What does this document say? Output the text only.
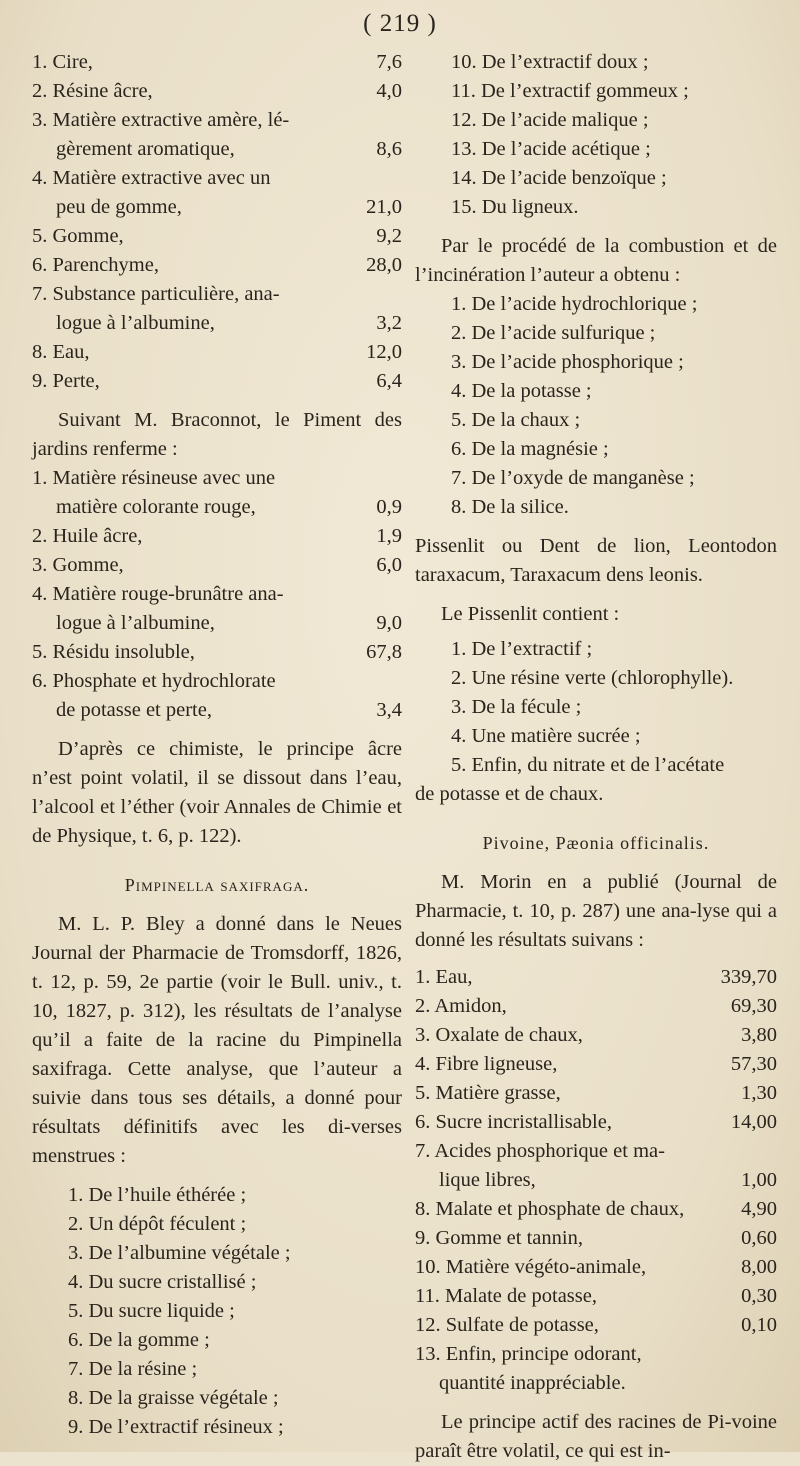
( 219 )
1. Cire,	7,6
2. Résine âcre,	4,0
3. Matière extractive amère, lé-
gèrement aromatique,	8,6
4. Matière extractive avec un
peu de gomme,	21,0
5. Gomme,	9,2
6. Parenchyme,	28,0
7. Substance particulière, ana-
logue à l’albumine,	3,2
8. Eau,	12,0
9. Perte,	6,4

Suivant M. Braconnot, le Piment des jardins renferme :

1. Matière résineuse avec une
matière colorante rouge,	0,9
2. Huile âcre,	1,9
3. Gomme,	6,0
4. Matière rouge-brunâtre ana-
logue à l’albumine,	9,0
5. Résidu insoluble,	67,8
6. Phosphate et hydrochlorate
de potasse et perte,	3,4

D’après ce chimiste, le principe âcre n’est point volatil, il se dissout dans l’eau, l’alcool et l’éther (voir Annales de Chimie et de Physique, t. 6, p. 122).

Pimpinella saxifraga.

M. L. P. Bley a donné dans le Neues Journal der Pharmacie de Tromsdorff, 1826, t. 12, p. 59, 2e partie (voir le Bull. univ., t. 10, 1827, p. 312), les résultats de l’analyse qu’il a faite de la racine du Pimpinella saxifraga. Cette analyse, que l’auteur a suivie dans tous ses détails, a donné pour résultats définitifs avec les di-verses menstrues :

1. De l’huile éthérée ;
2. Un dépôt féculent ;
3. De l’albumine végétale ;
4. Du sucre cristallisé ;
5. Du sucre liquide ;
6. De la gomme ;
7. De la résine ;
8. De la graisse végétale ;
9. De l’extractif résineux ;
10. De l’extractif doux ;
11. De l’extractif gommeux ;
12. De l’acide malique ;
13. De l’acide acétique ;
14. De l’acide benzoïque ;
15. Du ligneux.

Par le procédé de la combustion et de l’incinération l’auteur a obtenu :

1. De l’acide hydrochlorique ;
2. De l’acide sulfurique ;
3. De l’acide phosphorique ;
4. De la potasse ;
5. De la chaux ;
6. De la magnésie ;
7. De l’oxyde de manganèse ;
8. De la silice.

Pissenlit ou Dent de lion, Leontodon taraxacum, Taraxacum dens leonis.

Le Pissenlit contient :

1. De l’extractif ;
2. Une résine verte (chlorophylle).
3. De la fécule ;
4. Une matière sucrée ;
5. Enfin, du nitrate et de l’acétate

de potasse et de chaux.

Pivoine, Pæonia officinalis.

M. Morin en a publié (Journal de Pharmacie, t. 10, p. 287) une ana-lyse qui a donné les résultats suivans :

1. Eau,	339,70
2. Amidon,	69,30
3. Oxalate de chaux,	3,80
4. Fibre ligneuse,	57,30
5. Matière grasse,	1,30
6. Sucre incristallisable,	14,00
7. Acides phosphorique et ma-
lique libres,	1,00
8. Malate et phosphate de chaux,	4,90
9. Gomme et tannin,	0,60
10. Matière végéto-animale,	8,00
11. Malate de potasse,	0,30
12. Sulfate de potasse,	0,10
13. Enfin, principe odorant,
quantité inappréciable.

Le principe actif des racines de Pi-voine paraît être volatil, ce qui est in-
